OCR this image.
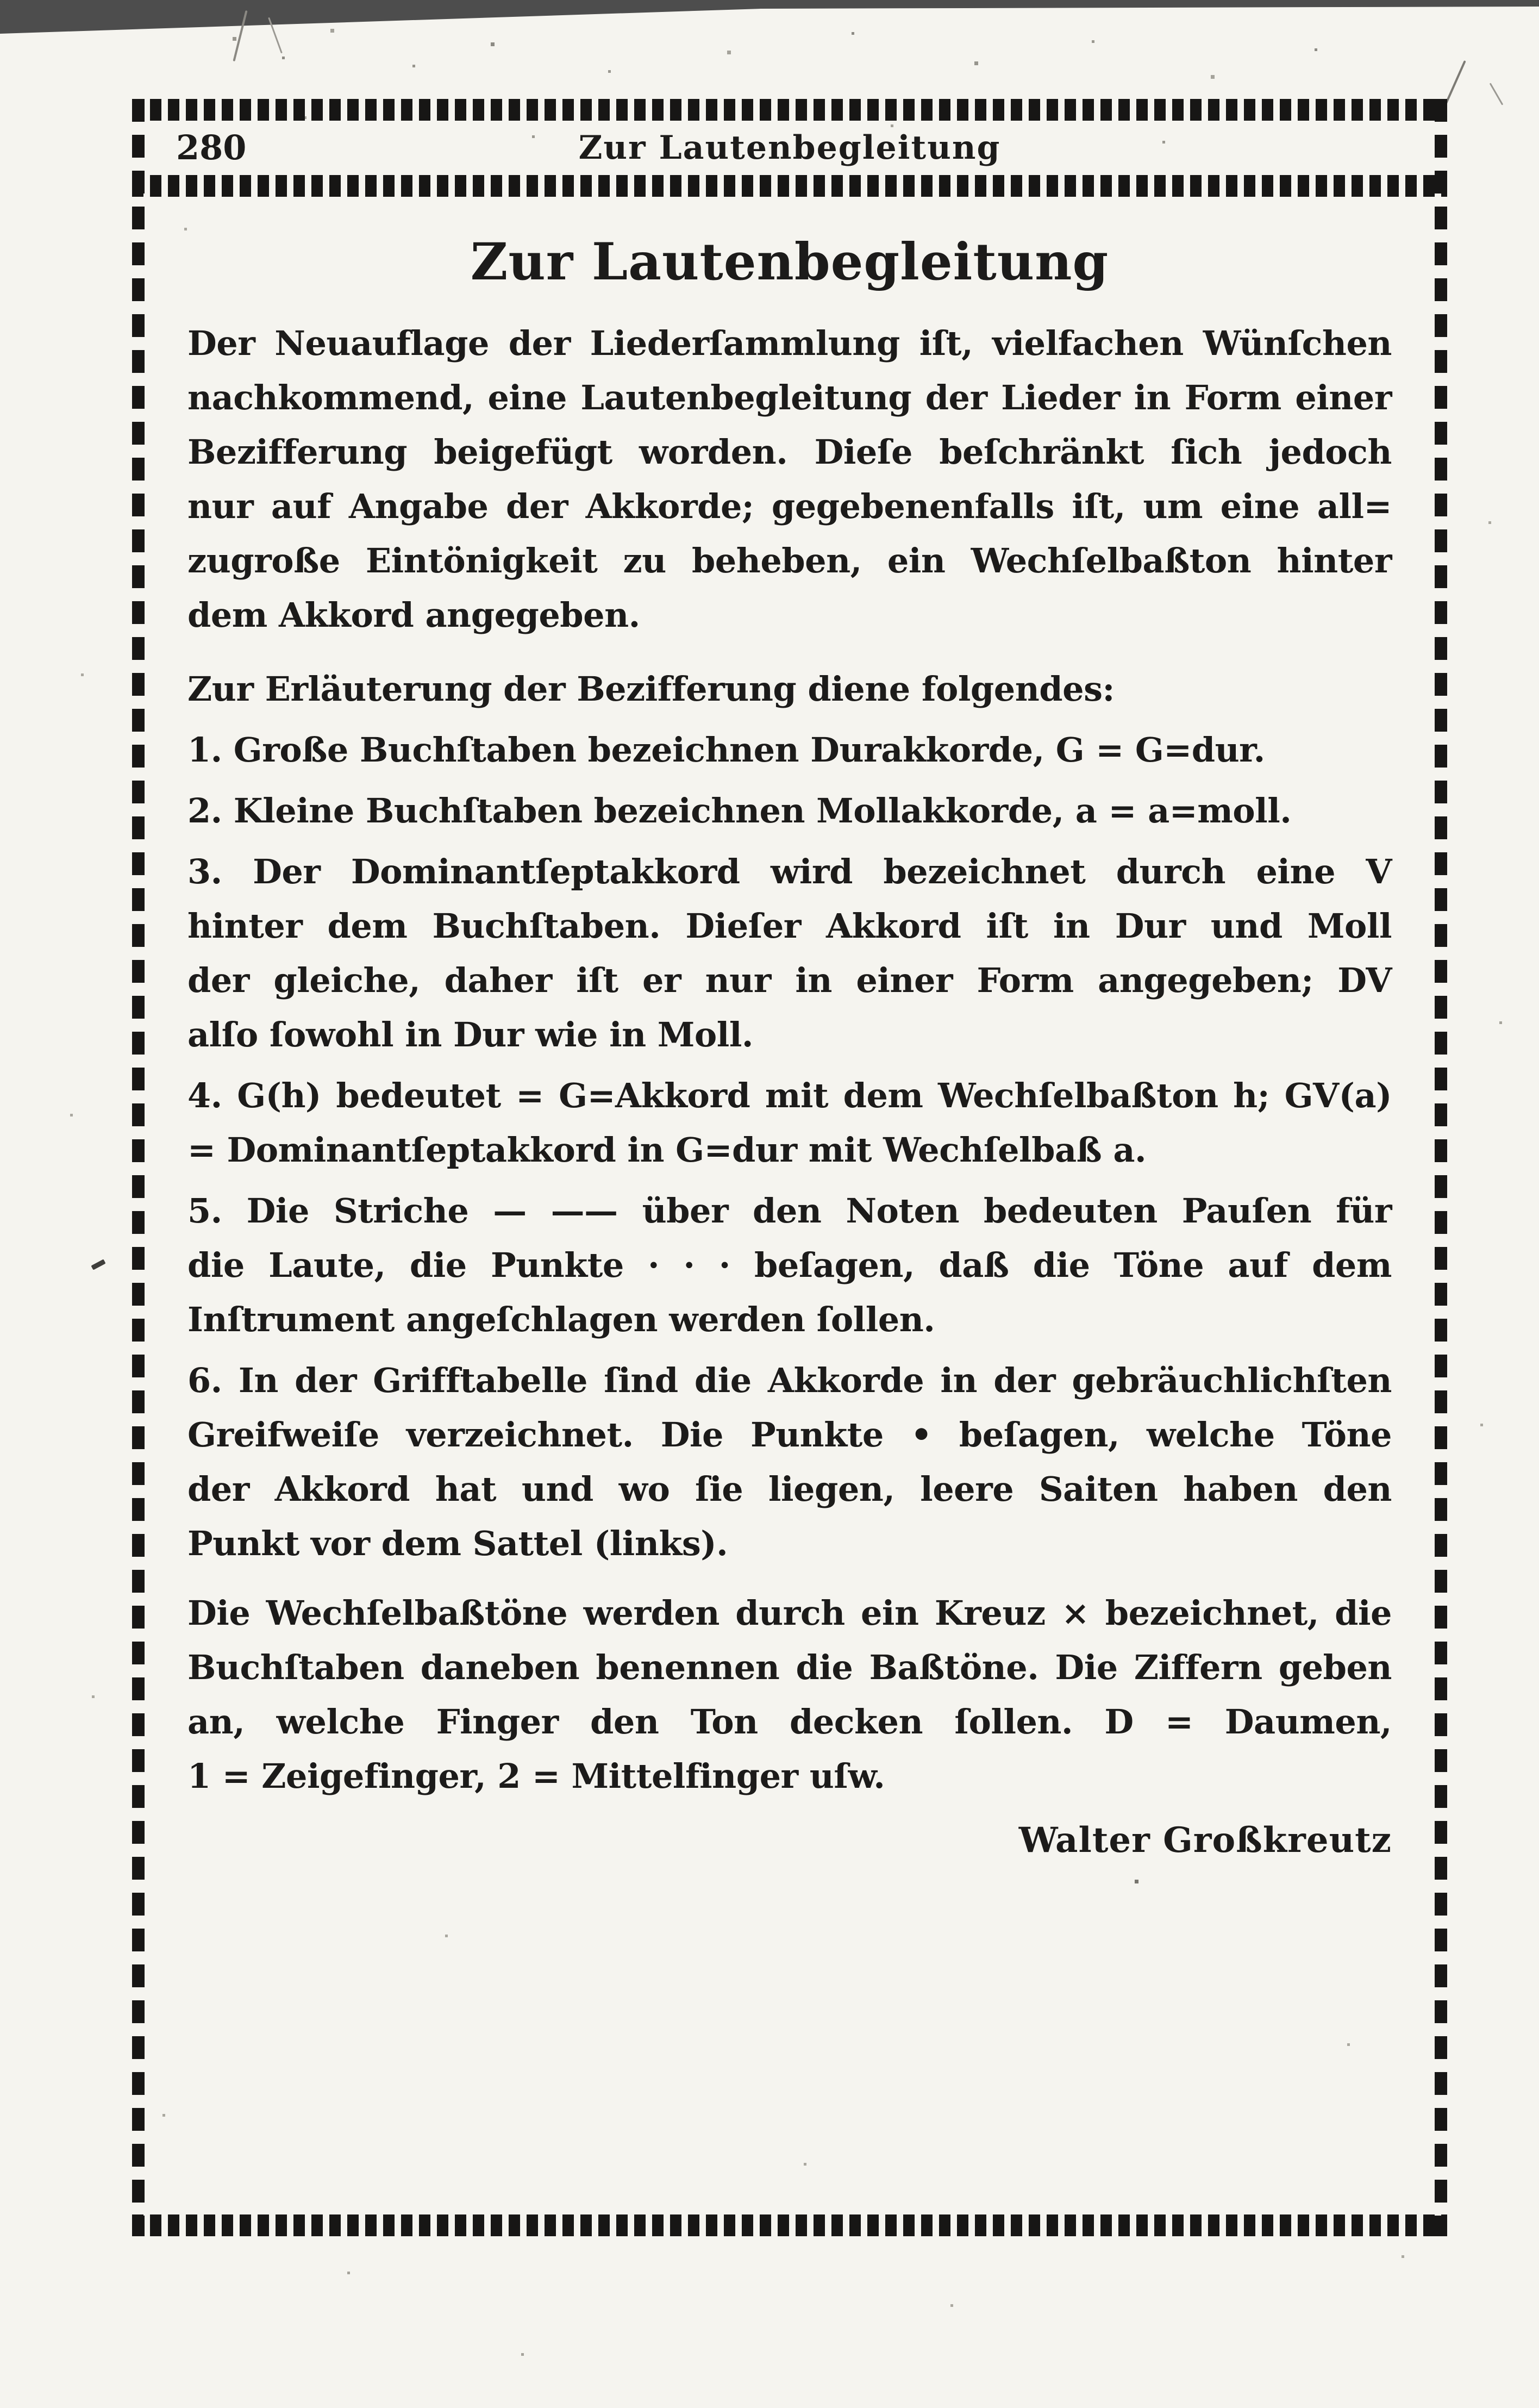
280	Zur Lautenbegleitung
Zur Lautenbegleitung
Der Neuauflage der Liederſammlung iſt, vielfachen Wünſchen
nachkommend, eine Lautenbegleitung der Lieder in Form einer
Bezifferung beigefügt worden. Dieſe beſchränkt ſich jedoch
nur auf Angabe der Akkorde; gegebenenfalls iſt, um eine all=
zugroße Eintönigkeit zu beheben, ein Wechſelbaßton hinter
dem Akkord angegeben.
Zur Erläuterung der Bezifferung diene folgendes:
1. Große Buchſtaben bezeichnen Durakkorde, G = G=dur.
2. Kleine Buchſtaben bezeichnen Mollakkorde, a = a=moll.
3. Der Dominantſeptakkord wird bezeichnet durch eine V
hinter dem Buchſtaben. Dieſer Akkord iſt in Dur und Moll
der gleiche, daher iſt er nur in einer Form angegeben; DV
alſo ſowohl in Dur wie in Moll.
4. G(h) bedeutet = G=Akkord mit dem Wechſelbaßton h; GV(a)
= Dominantſeptakkord in G=dur mit Wechſelbaß a.
5. Die Striche — —— über den Noten bedeuten Pauſen für
die Laute, die Punkte · · · beſagen, daß die Töne auf dem
Inſtrument angeſchlagen werden ſollen.
6. In der Grifftabelle ſind die Akkorde in der gebräuchlichſten
Greifweiſe verzeichnet. Die Punkte • beſagen, welche Töne
der Akkord hat und wo ſie liegen, leere Saiten haben den
Punkt vor dem Sattel (links).
Die Wechſelbaßtöne werden durch ein Kreuz × bezeichnet, die
Buchſtaben daneben benennen die Baßtöne. Die Ziffern geben
an, welche Finger den Ton decken ſollen. D = Daumen,
1 = Zeigefinger, 2 = Mittelfinger uſw.
Walter Großkreutz
